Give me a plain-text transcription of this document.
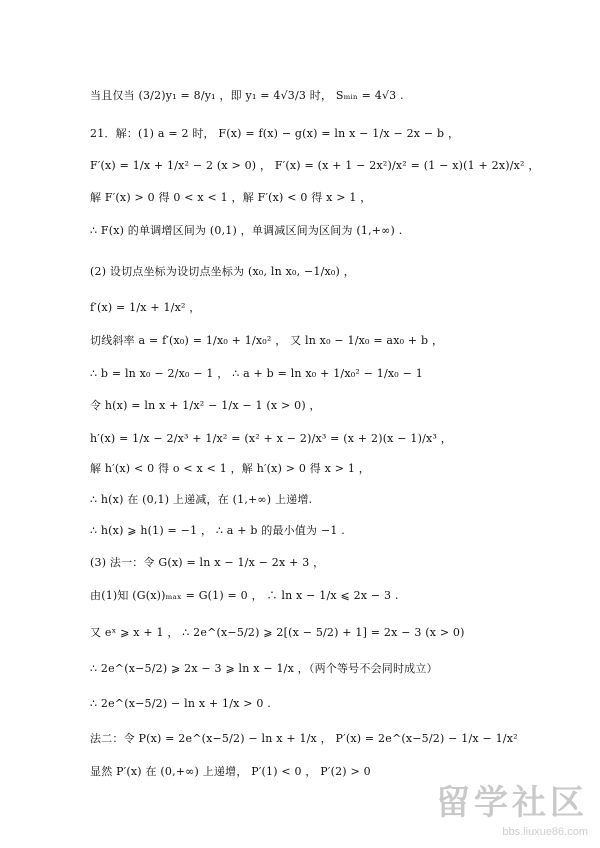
当且仅当 (3/2)y₁ = 8/y₁ ，即 y₁ = 4√3/3 时， Sₘᵢₙ = 4√3 .
21．解：(1) a = 2 时， F(x) = f(x) − g(x) = ln x − 1/x − 2x − b ，
F′(x) = 1/x + 1/x² − 2 (x > 0) ， F′(x) = (x + 1 − 2x²)/x² = (1 − x)(1 + 2x)/x² ，
解 F′(x) > 0 得 0 < x < 1 ，解 F′(x) < 0 得 x > 1 ，
∴ F(x) 的单调增区间为 (0,1) ，单调减区间为区间为 (1,+∞) .
(2) 设切点坐标为设切点坐标为 (x₀, ln x₀, −1/x₀) ，
f′(x) = 1/x + 1/x² ，
切线斜率 a = f′(x₀) = 1/x₀ + 1/x₀² ， 又 ln x₀ − 1/x₀ = ax₀ + b ，
∴ b = ln x₀ − 2/x₀ − 1 ， ∴ a + b = ln x₀ + 1/x₀² − 1/x₀ − 1
令 h(x) = ln x + 1/x² − 1/x − 1 (x > 0) ，
h′(x) = 1/x − 2/x³ + 1/x² = (x² + x − 2)/x³ = (x + 2)(x − 1)/x³ ，
解 h′(x) < 0 得 o < x < 1 ，解 h′(x) > 0 得 x > 1 ，
∴ h(x) 在 (0,1) 上递减，在 (1,+∞) 上递增.
∴ h(x) ⩾ h(1) = −1 ， ∴ a + b 的最小值为 −1 .
(3) 法一：令 G(x) = ln x − 1/x − 2x + 3 ，
由(1)知 (G(x))ₘₐₓ = G(1) = 0 ， ∴ ln x − 1/x ⩽ 2x − 3 .
又 eˣ ⩾ x + 1 ， ∴ 2e^(x−5/2) ⩾ 2[(x − 5/2) + 1] = 2x − 3 (x > 0)
∴ 2e^(x−5/2) ⩾ 2x − 3 ⩾ ln x − 1/x ，（两个等号不会同时成立）
∴ 2e^(x−5/2) − ln x + 1/x > 0 .
法二：令 P(x) = 2e^(x−5/2) − ln x + 1/x ， P′(x) = 2e^(x−5/2) − 1/x − 1/x²
显然 P′(x) 在 (0,+∞) 上递增， P′(1) < 0 ， P′(2) > 0
留学社区
bbs.liuxue86.com
